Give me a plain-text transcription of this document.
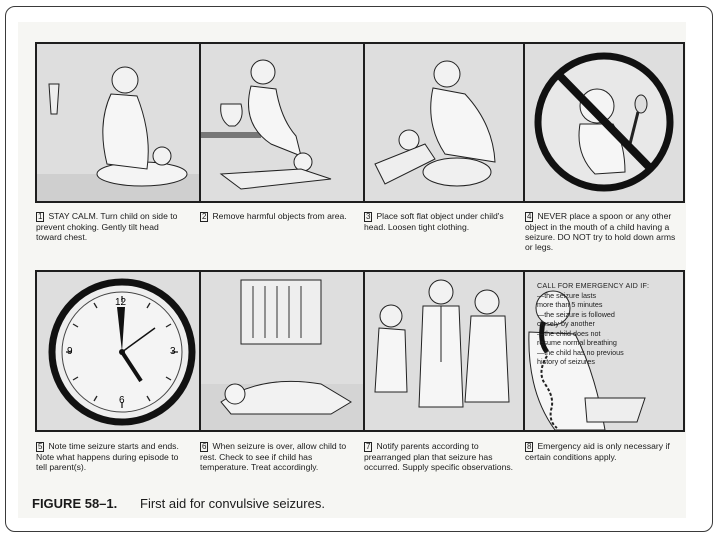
12
3
6
9
1 STAY CALM. Turn child on side to prevent choking. Gently tilt head toward chest.
2 Remove harmful objects from area.	3 Place soft flat object under child's head. Loosen tight clothing.
4 NEVER place a spoon or any other object in the mouth of a child having a seizure. DO NOT try to hold down arms or legs.
5 Note time seizure starts and ends. Note what happens during episode to tell parent(s).
6 When seizure is over, allow child to rest. Check to see if child has temperature. Treat accordingly.
7 Notify parents according to prearranged plan that seizure has occurred. Supply specific observations.
8 Emergency aid is only necessary if certain conditions apply.
CALL FOR EMERGENCY AID IF:
—the seizure lasts
more than 5 minutes
—the seizure is followed
closely by another
—the child does not
resume normal breathing
—the child has no previous
history of seizures
FIGURE 58–1. First aid for convulsive seizures.
